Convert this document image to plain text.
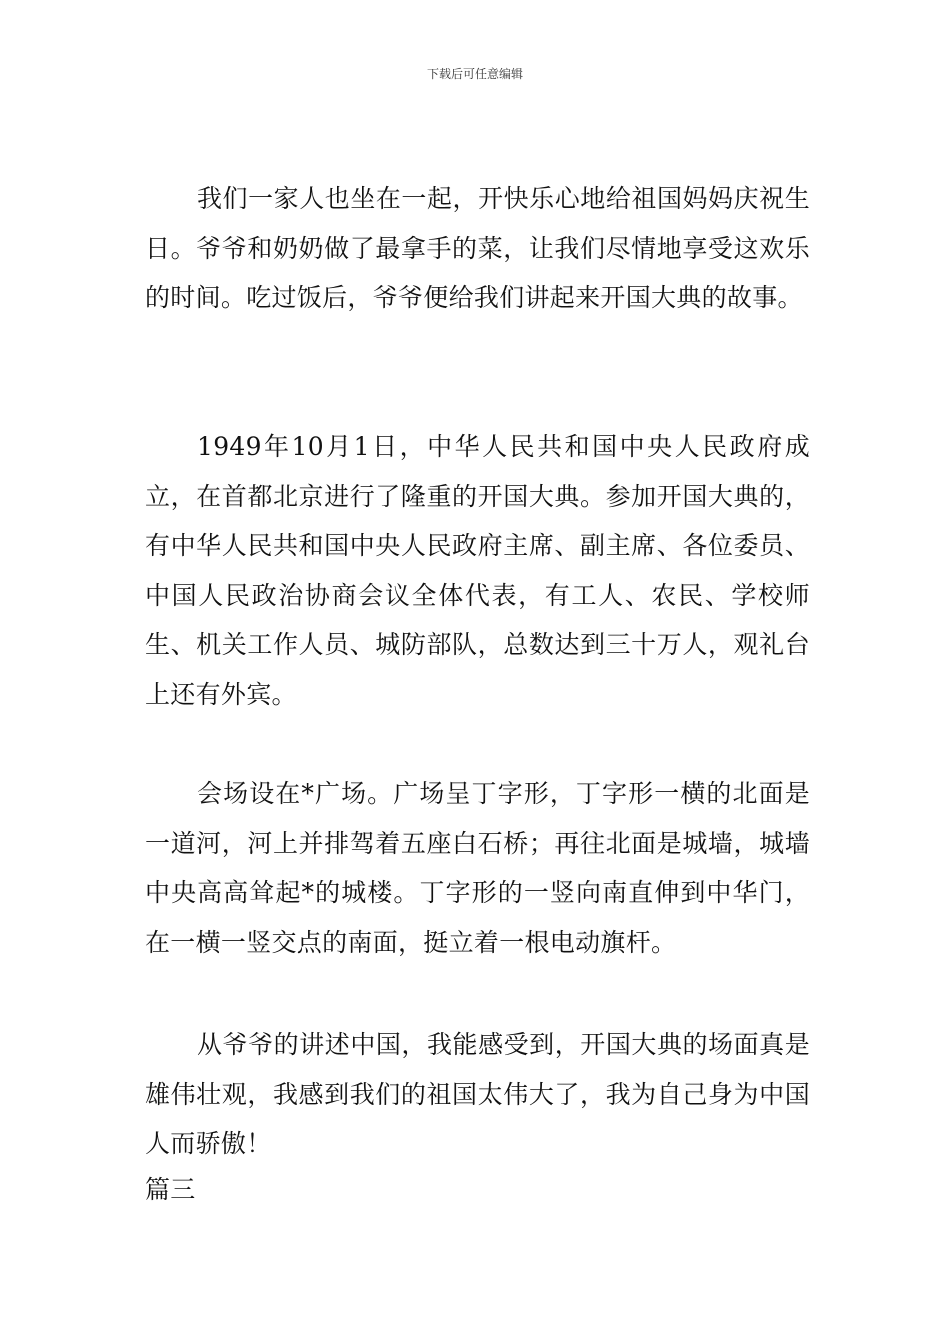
下载后可任意编辑

我们一家人也坐在一起，开快乐心地给祖国妈妈庆祝生日。爷爷和奶奶做了最拿手的菜，让我们尽情地享受这欢乐的时间。吃过饭后，爷爷便给我们讲起来开国大典的故事。

1949年10月1日，中华人民共和国中央人民政府成立，在首都北京进行了隆重的开国大典。参加开国大典的，有中华人民共和国中央人民政府主席、副主席、各位委员、中国人民政治协商会议全体代表，有工人、农民、学校师生、机关工作人员、城防部队，总数达到三十万人，观礼台上还有外宾。

会场设在*广场。广场呈丁字形，丁字形一横的北面是一道河，河上并排驾着五座白石桥；再往北面是城墙，城墙中央高高耸起*的城楼。丁字形的一竖向南直伸到中华门，在一横一竖交点的南面，挺立着一根电动旗杆。

从爷爷的讲述中国，我能感受到，开国大典的场面真是雄伟壮观，我感到我们的祖国太伟大了，我为自己身为中国人而骄傲！

篇三
